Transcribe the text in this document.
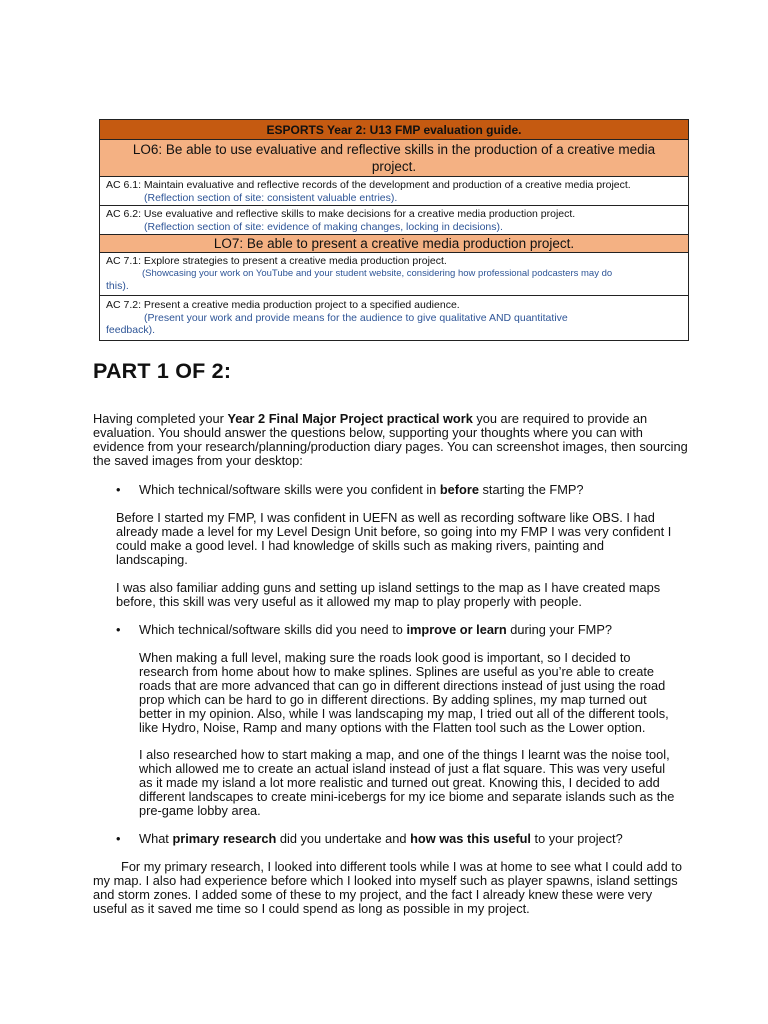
ESPORTS Year 2: U13 FMP evaluation guide.
LO6: Be able to use evaluative and reflective skills in the production of a creative media project.
AC 6.1: Maintain evaluative and reflective records of the development and production of a creative media project.
(Reflection section of site: consistent valuable entries).
AC 6.2: Use evaluative and reflective skills to make decisions for a creative media production project.
(Reflection section of site: evidence of making changes, locking in decisions).
LO7: Be able to present a creative media production project.
AC 7.1: Explore strategies to present a creative media production project.
(Showcasing your work on YouTube and your student website, considering how professional podcasters may do
this).
AC 7.2: Present a creative media production project to a specified audience.
(Present your work and provide means for the audience to give qualitative AND quantitative
feedback).
PART 1 OF 2:

Having completed your Year 2 Final Major Project practical work you are required to provide an evaluation. You should answer the questions below, supporting your thoughts where you can with evidence from your research/planning/production diary pages. You can screenshot images, then sourcing the saved images from your desktop:

• Which technical/software skills were you confident in before starting the FMP?

Before I started my FMP, I was confident in UEFN as well as recording software like OBS. I had already made a level for my Level Design Unit before, so going into my FMP I was very confident I could make a good level. I had knowledge of skills such as making rivers, painting and landscaping.

I was also familiar adding guns and setting up island settings to the map as I have created maps before, this skill was very useful as it allowed my map to play properly with people.

• Which technical/software skills did you need to improve or learn during your FMP?

When making a full level, making sure the roads look good is important, so I decided to research from home about how to make splines. Splines are useful as you’re able to create roads that are more advanced that can go in different directions instead of just using the road prop which can be hard to go in different directions. By adding splines, my map turned out better in my opinion. Also, while I was landscaping my map, I tried out all of the different tools, like Hydro, Noise, Ramp and many options with the Flatten tool such as the Lower option.

I also researched how to start making a map, and one of the things I learnt was the noise tool, which allowed me to create an actual island instead of just a flat square. This was very useful as it made my island a lot more realistic and turned out great. Knowing this, I decided to add different landscapes to create mini-icebergs for my ice biome and separate islands such as the pre-game lobby area.

• What primary research did you undertake and how was this useful to your project?

For my primary research, I looked into different tools while I was at home to see what I could add to my map. I also had experience before which I looked into myself such as player spawns, island settings and storm zones. I added some of these to my project, and the fact I already knew these were very useful as it saved me time so I could spend as long as possible in my project.
